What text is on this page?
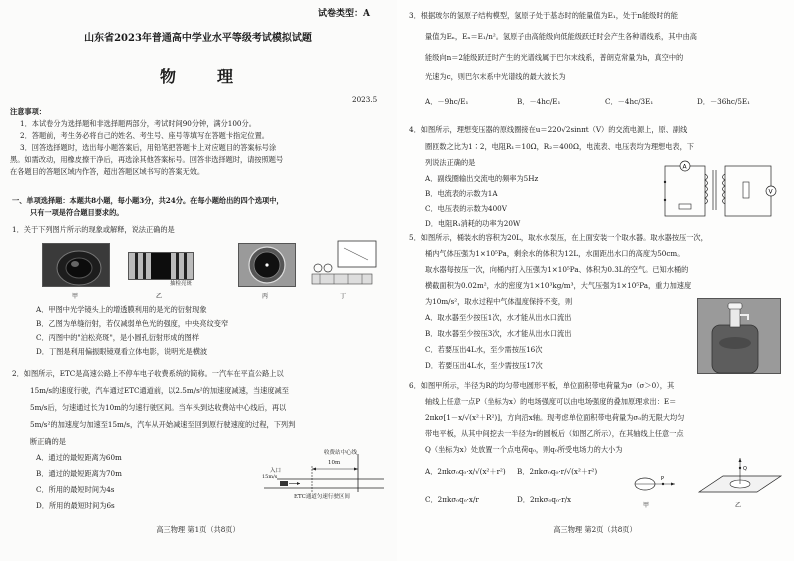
试卷类型：A
山东省2023年普通高中学业水平等级考试模拟试题
物　　理
2023.5
注意事项：
1．本试卷分为选择题和非选择题两部分，考试时间90分钟，满分100分。
2．答题前，考生务必将自己的姓名、考生号、座号等填写在答题卡指定位置。
3．回答选择题时，选出每小题答案后，用铅笔把答题卡上对应题目的答案标号涂
黑。如需改动，用橡皮擦干净后，再选涂其他答案标号。回答非选择题时，请按照题号
在各题目的答题区域内作答，超出答题区域书写的答案无效。
一、单项选择题：本题共8小题，每小题3分，共24分。在每小题给出的四个选项中，
只有一项是符合题目要求的。
1．关于下列图片所示的现象或解释，说法正确的是
甲	乙	丙	丁
抽检亮斑
A．甲图中光学镜头上的增透膜利用的是光的衍射现象
B．乙图为单缝衍射，若仅减弱单色光的强度，中央亮纹变窄
C．丙图中的"泊松亮斑"，是小圆孔衍射形成的图样
D．丁图是利用偏振眼镜观看立体电影，说明光是横波
2．如图所示，ETC是高速公路上不停车电子收费系统的简称。一汽车在平直公路上以
15m/s的速度行驶，汽车通过ETC通道前，以2.5m/s²的加速度减速，当速度减至
5m/s后，匀速通过长为10m的匀速行驶区间。当车头到达收费站中心线后，再以
5m/s²的加速度匀加速至15m/s，汽车从开始减速至回到原行驶速度的过程，下列判
断正确的是
A．通过的最短距离为60m
B．通过的最短距离为70m
C．所用的最短时间为4s
D．所用的最短时间为6s
收费站中心线
10m
入口
15m/s
ETC通道匀速行驶区间
高三物理 第1页（共8页）
3．根据玻尔的氢原子结构模型，氢原子处于基态时的能量值为E₁，处于n能级时的能
量值为Eₙ，Eₙ＝E₁/n²。氢原子由高能级向低能级跃迁时会产生各种谱线系，其中由高
能级向n＝2能级跃迁时产生的光谱线属于巴尔末线系，普朗克常量为h，真空中的
光速为c，则巴尔末系中光谱线的最大波长为
A．－9hc/E₁	B．－4hc/E₁	C．－4hc/3E₁	D．－36hc/5E₁
4．如图所示，理想变压器的原线圈接在u＝220√2sinπt（V）的交流电源上，原、副线
圈匝数之比为1∶2，电阻R₁＝10Ω，R₂＝400Ω，电流表、电压表均为理想电表，下
列说法正确的是
A．副线圈输出交流电的频率为5Hz
B．电流表的示数为1A
C．电压表的示数为400V
D．电阻R₁消耗的功率为20W
A
V
5．如图所示，桶装水的容积为20L，取水水泵压，在上面安装一个取水器。取水器按压一次，
桶内气体压强为1×10⁵Pa，剩余水的体积为12L，水面距出水口的高度为50cm。
取水器每按压一次，向桶内打入压强为1×10⁵Pa、体积为0.3L的空气。已知水桶的
横截面积为0.02m²，水的密度为1×10³kg/m³，大气压强为1×10⁵Pa，重力加速度
为10m/s²，取水过程中气体温度保持不变，则
A．取水器至少按压1次，水才能从出水口流出
B．取水器至少按压3次，水才能从出水口流出
C．若要压出4L水，至少需按压16次
D．若要压出4L水，至少需按压17次
6．如图甲所示，半径为R的均匀带电圆形平板，单位面积带电荷量为σ（σ＞0），其
轴线上任意一点P（坐标为x）的电场强度可以由电场强度的叠加原理求出：E＝
2πkσ[1－x/√(x²＋R²)]，方向沿x轴。现考虑单位面积带电荷量为σ₀的无限大均匀
带电平板，从其中间挖去一半径为r的圆板后（如图乙所示），在其轴线上任意一点
Q（坐标为x）处放置一个点电荷q₀，则q₀所受电场力的大小为
A．2πkσ₀q₀·x/√(x²＋r²) B．2πkσ₀q₀·r/√(x²＋r²)
C．2πkσ₀q₀·x/r	D．2πkσ₀q₀·r/x
P
甲
Q
乙
高三物理 第2页（共8页）
